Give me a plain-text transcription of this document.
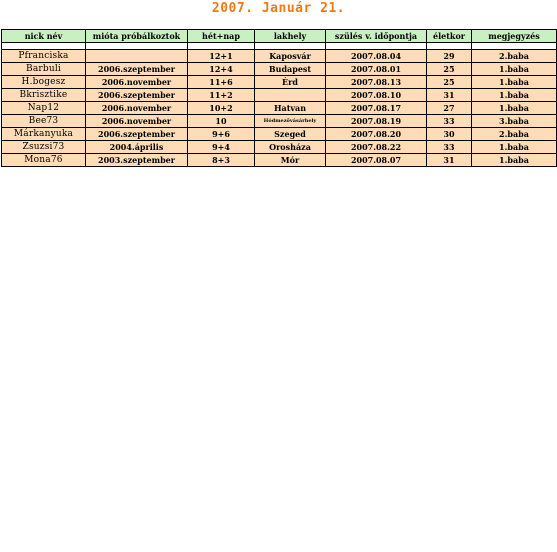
2007. Január 21.
nick név	mióta próbálkoztok	hét+nap	lakhely	szülés v. időpontja	életkor	megjegyzés

Pfranciska		12+1	Kaposvár	2007.08.04	29	2.baba
Barbuli	2006.szeptember	12+4	Budapest	2007.08.01	25	1.baba
H.bogesz	2006.november	11+6	Érd	2007.08.13	25	1.baba
Bkrisztike	2006.szeptember	11+2		2007.08.10	31	1.baba
Nap12	2006.november	10+2	Hatvan	2007.08.17	27	1.baba
Bee73	2006.november	10	Hódmezővásárhely	2007.08.19	33	3.baba
Márkanyuka	2006.szeptember	9+6	Szeged	2007.08.20	30	2.baba
Zsuzsi73	2004.április	9+4	Orosháza	2007.08.22	33	1.baba
Mona76	2003.szeptember	8+3	Mór	2007.08.07	31	1.baba
